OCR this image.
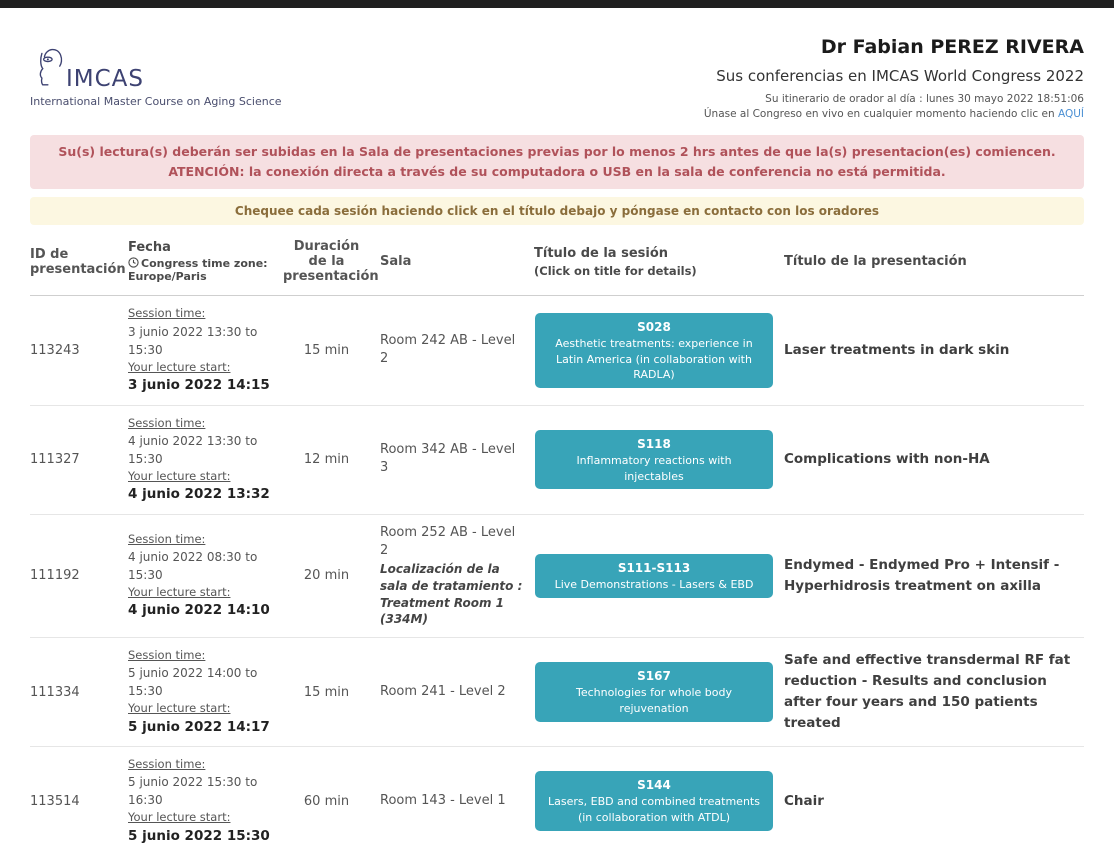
IMCAS
International Master Course on Aging Science
Dr Fabian PEREZ RIVERA
Sus conferencias en IMCAS World Congress 2022
Su itinerario de orador al día : lunes 30 mayo 2022 18:51:06
Únase al Congreso en vivo en cualquier momento haciendo clic en AQUÍ
Su(s) lectura(s) deberán ser subidas en la Sala de presentaciones previas por lo menos 2 hrs antes de que la(s) presentacion(es) comiencen.
ATENCIÓN: la conexión directa a través de su computadora o USB en la sala de conferencia no está permitida.
Chequee cada sesión haciendo click en el título debajo y póngase en contacto con los oradores
ID de presentación
Fecha
Congress time zone: Europe/Paris
Duración de la presentación
Sala
Título de la sesión
(Click on title for details)
Título de la presentación
113243
Session time:
3 junio 2022 13:30 to 15:30
Your lecture start:
3 junio 2022 14:15
15 min
Room 242 AB - Level 2
S028
Aesthetic treatments: experience in Latin America (in collaboration with RADLA)
Laser treatments in dark skin
111327
Session time:
4 junio 2022 13:30 to 15:30
Your lecture start:
4 junio 2022 13:32
12 min
Room 342 AB - Level 3
S118
Inflammatory reactions with injectables
Complications with non-HA
111192
Session time:
4 junio 2022 08:30 to 15:30
Your lecture start:
4 junio 2022 14:10
20 min
Room 252 AB - Level 2
Localización de la sala de tratamiento : Treatment Room 1 (334M)
S111-S113
Live Demonstrations - Lasers & EBD
Endymed - Endymed Pro + Intensif - Hyperhidrosis treatment on axilla
111334
Session time:
5 junio 2022 14:00 to 15:30
Your lecture start:
5 junio 2022 14:17
15 min	Room 241 - Level 2
S167
Technologies for whole body rejuvenation
Safe and effective transdermal RF fat reduction - Results and conclusion after four years and 150 patients treated
113514
Session time:
5 junio 2022 15:30 to 16:30
Your lecture start:
5 junio 2022 15:30
60 min	Room 143 - Level 1
S144
Lasers, EBD and combined treatments (in collaboration with ATDL)
Chair
